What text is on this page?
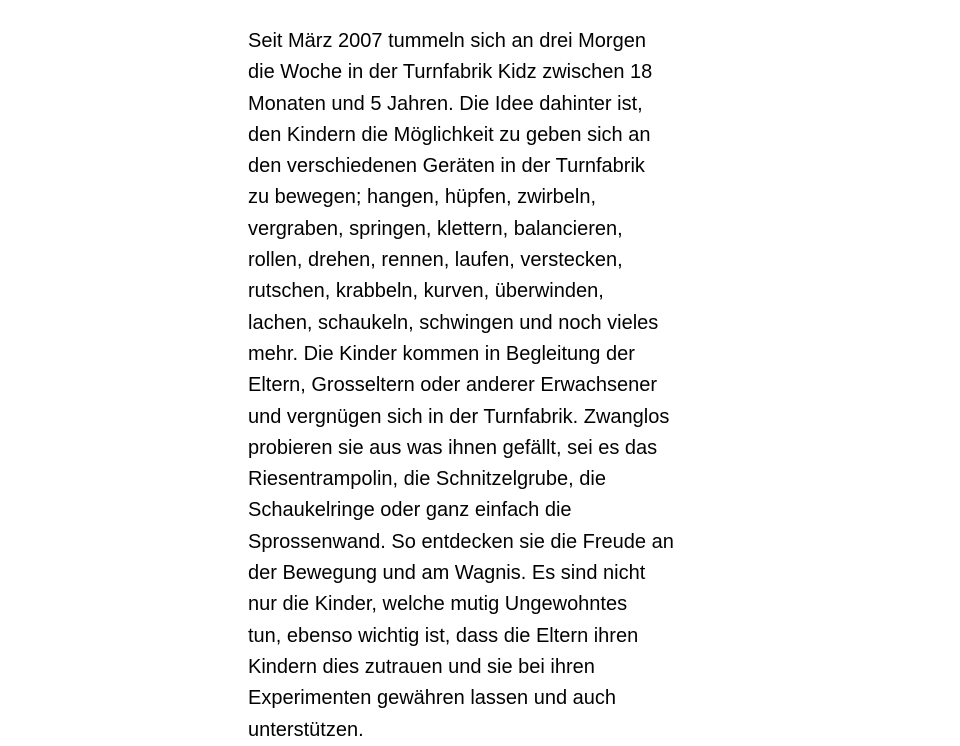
Seit März 2007 tummeln sich an drei Morgen
die Woche in der Turnfabrik Kidz zwischen 18
Monaten und 5 Jahren. Die Idee dahinter ist,
den Kindern die Möglichkeit zu geben sich an
den verschiedenen Geräten in der Turnfabrik
zu bewegen; hangen, hüpfen, zwirbeln,
vergraben, springen, klettern, balancieren,
rollen, drehen, rennen, laufen, verstecken,
rutschen, krabbeln, kurven, überwinden,
lachen, schaukeln, schwingen und noch vieles
mehr. Die Kinder kommen in Begleitung der
Eltern, Grosseltern oder anderer Erwachsener
und vergnügen sich in der Turnfabrik. Zwanglos
probieren sie aus was ihnen gefällt, sei es das
Riesentrampolin, die Schnitzelgrube, die
Schaukelringe oder ganz einfach die
Sprossenwand. So entdecken sie die Freude an
der Bewegung und am Wagnis. Es sind nicht
nur die Kinder, welche mutig Ungewohntes
tun, ebenso wichtig ist, dass die Eltern ihren
Kindern dies zutrauen und sie bei ihren
Experimenten gewähren lassen und auch
unterstützen.
